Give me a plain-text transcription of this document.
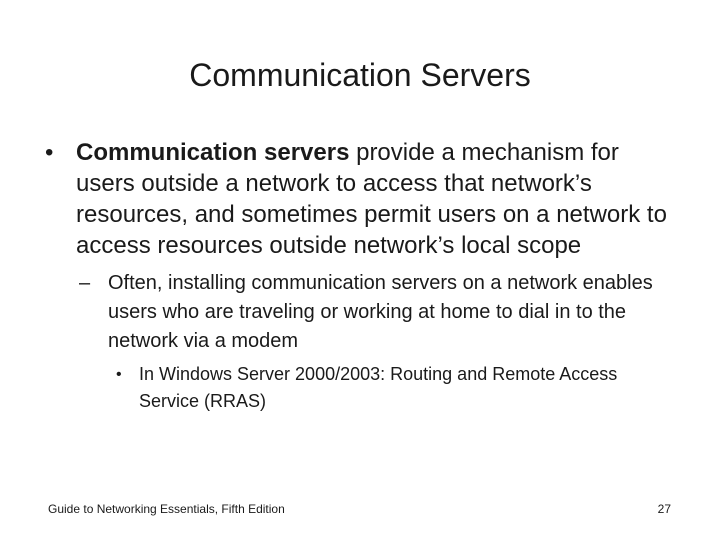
Communication Servers
• Communication servers provide a mechanism for users outside a network to access that network’s resources, and sometimes permit users on a network to access resources outside network’s local scope
– Often, installing communication servers on a network enables users who are traveling or working at home to dial in to the network via a modem
• In Windows Server 2000/2003: Routing and Remote Access Service (RRAS)
Guide to Networking Essentials, Fifth Edition	27
